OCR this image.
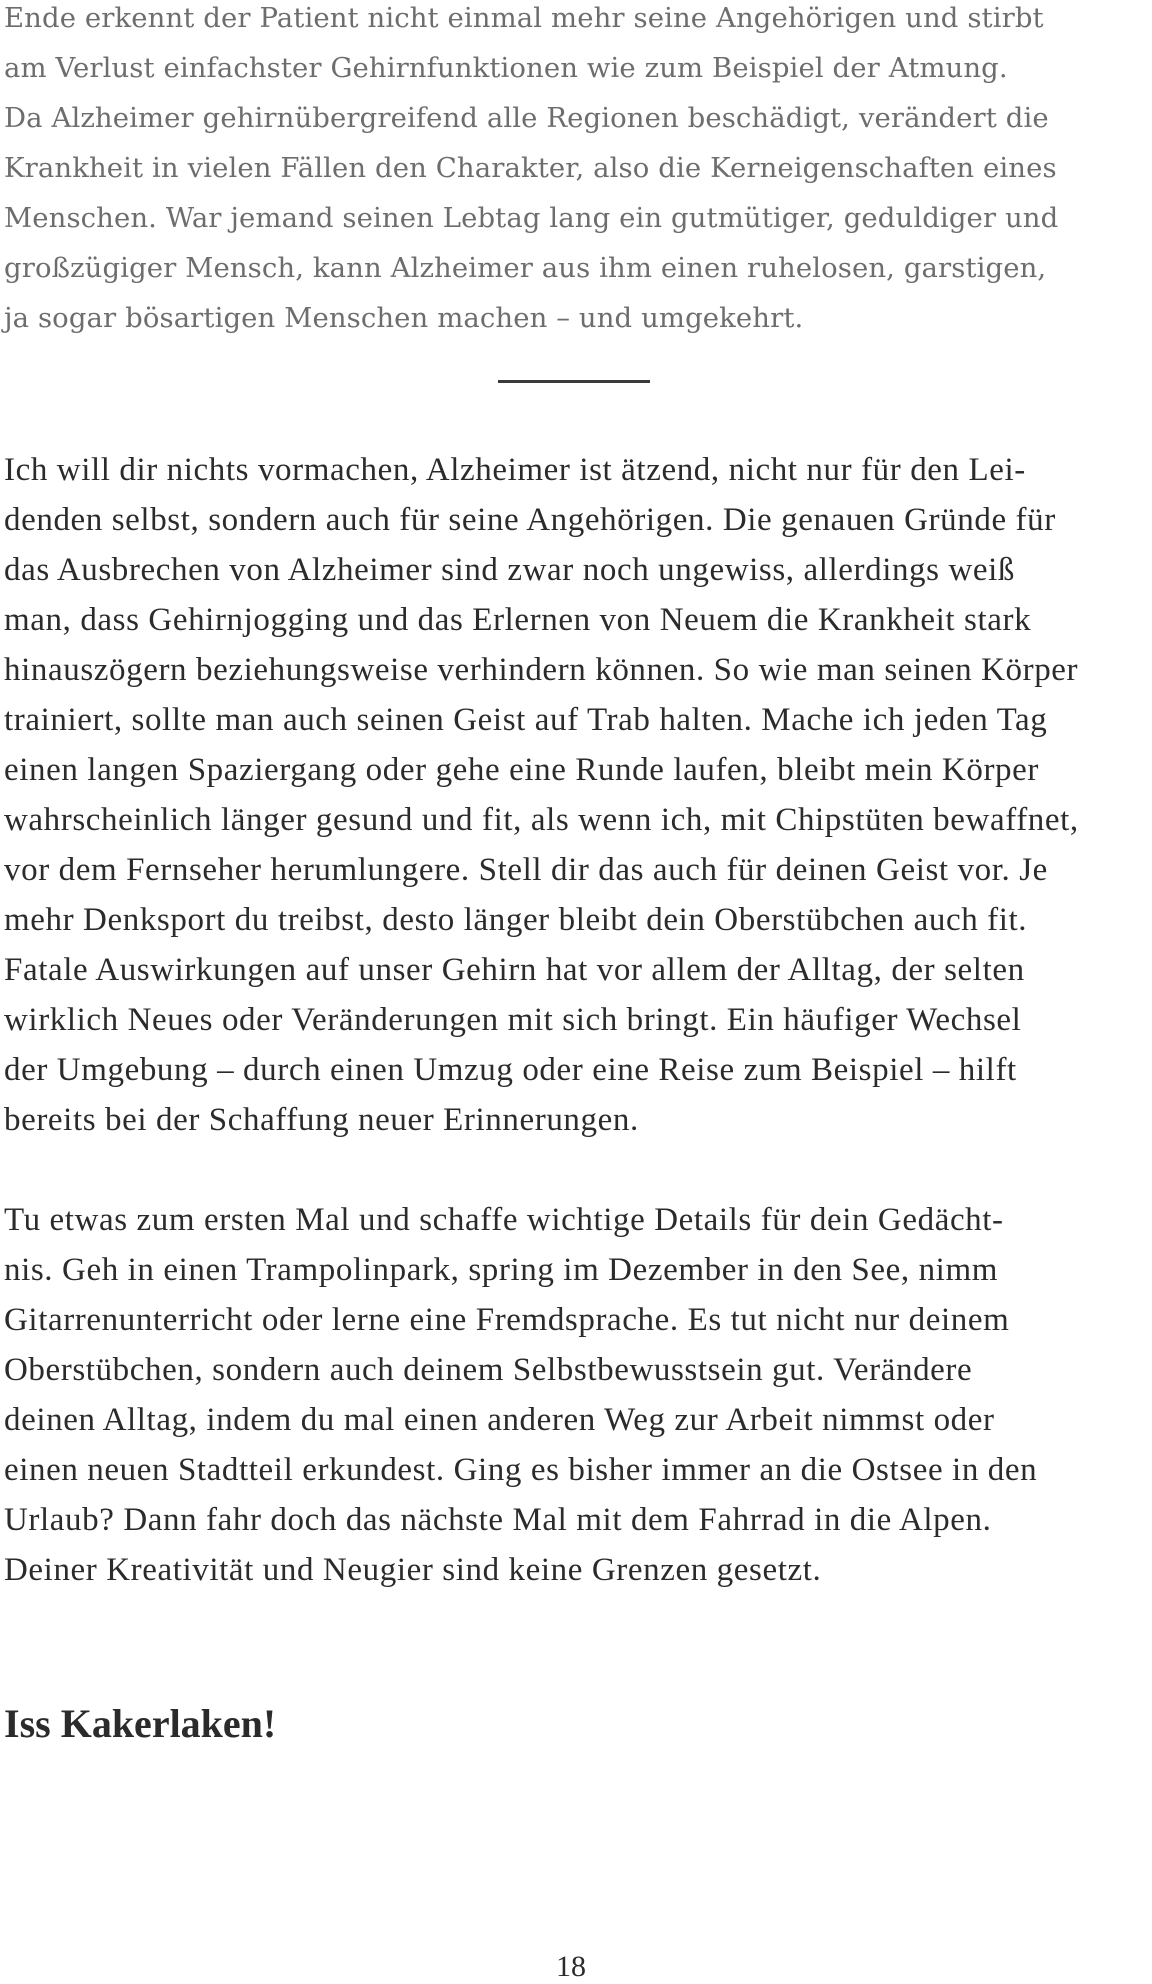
Ende erkennt der Patient nicht einmal mehr seine Angehörigen und stirbt

am Verlust einfachster Gehirnfunktionen wie zum Beispiel der Atmung.

Da Alzheimer gehirnübergreifend alle Regionen beschädigt, verändert die

Krankheit in vielen Fällen den Charakter, also die Kerneigenschaften eines

Menschen. War jemand seinen Lebtag lang ein gutmütiger, geduldiger und

großzügiger Mensch, kann Alzheimer aus ihm einen ruhelosen, garstigen,

ja sogar bösartigen Menschen machen – und umgekehrt.

Ich will dir nichts vormachen, Alzheimer ist ätzend, nicht nur für den Lei-

denden selbst, sondern auch für seine Angehörigen. Die genauen Gründe für

das Ausbrechen von Alzheimer sind zwar noch ungewiss, allerdings weiß

man, dass Gehirnjogging und das Erlernen von Neuem die Krankheit stark

hinauszögern beziehungsweise verhindern können. So wie man seinen Körper

trainiert, sollte man auch seinen Geist auf Trab halten. Mache ich jeden Tag

einen langen Spaziergang oder gehe eine Runde laufen, bleibt mein Körper

wahrscheinlich länger gesund und fit, als wenn ich, mit Chipstüten bewaffnet,

vor dem Fernseher herumlungere. Stell dir das auch für deinen Geist vor. Je

mehr Denksport du treibst, desto länger bleibt dein Oberstübchen auch fit.

Fatale Auswirkungen auf unser Gehirn hat vor allem der Alltag, der selten

wirklich Neues oder Veränderungen mit sich bringt. Ein häufiger Wechsel

der Umgebung – durch einen Umzug oder eine Reise zum Beispiel – hilft

bereits bei der Schaffung neuer Erinnerungen.

Tu etwas zum ersten Mal und schaffe wichtige Details für dein Gedächt-

nis. Geh in einen Trampolinpark, spring im Dezember in den See, nimm

Gitarrenunterricht oder lerne eine Fremdsprache. Es tut nicht nur deinem

Oberstübchen, sondern auch deinem Selbstbewusstsein gut. Verändere

deinen Alltag, indem du mal einen anderen Weg zur Arbeit nimmst oder

einen neuen Stadtteil erkundest. Ging es bisher immer an die Ostsee in den

Urlaub? Dann fahr doch das nächste Mal mit dem Fahrrad in die Alpen.

Deiner Kreativität und Neugier sind keine Grenzen gesetzt.

Iss Kakerlaken!
18
